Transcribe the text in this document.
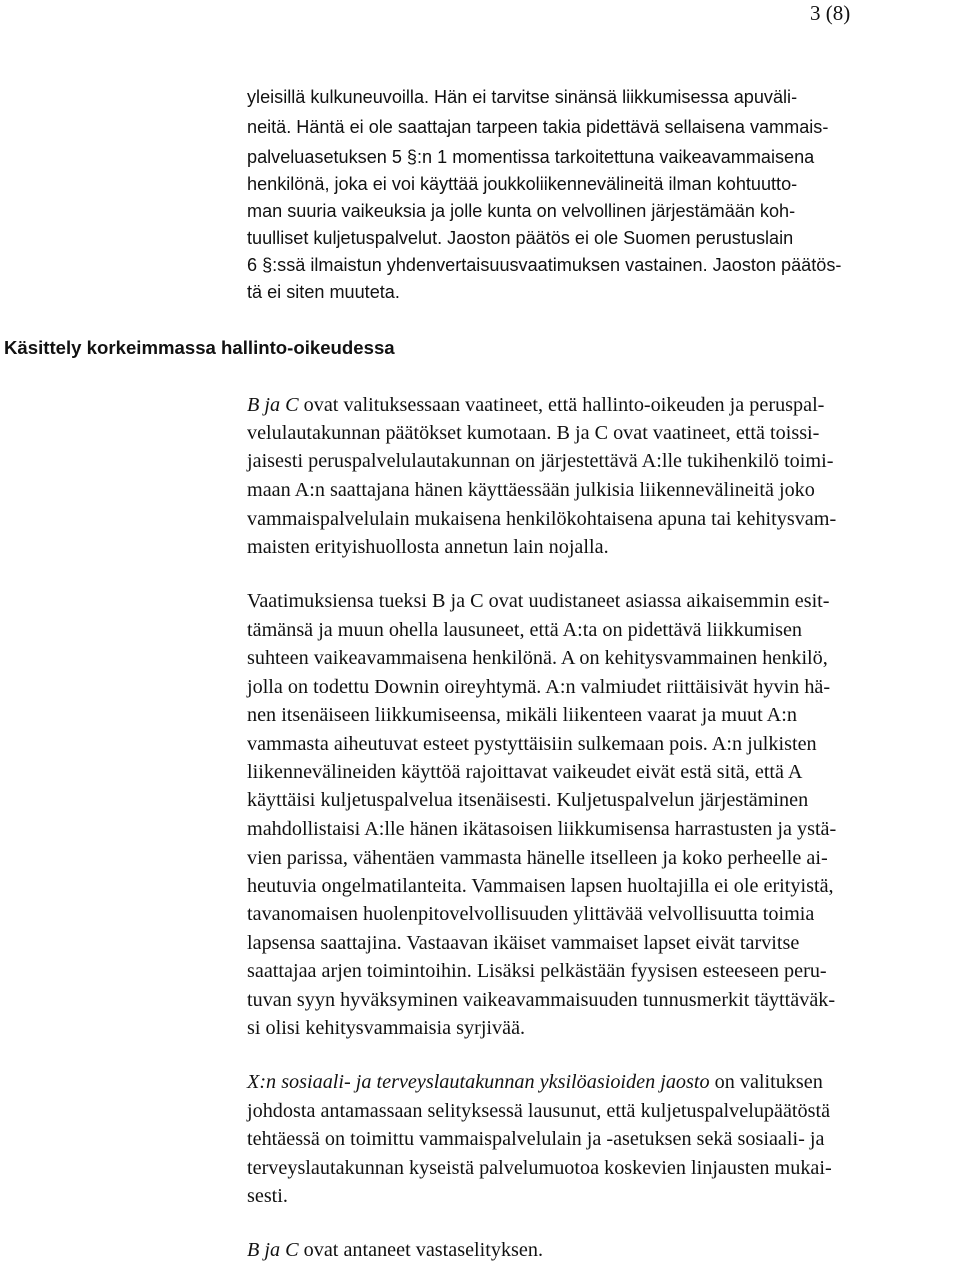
3 (8)
yleisillä kulkuneuvoilla. Hän ei tarvitse sinänsä liikkumisessa apuväli-
neitä. Häntä ei ole saattajan tarpeen takia pidettävä sellaisena vammais-
palveluasetuksen 5 §:n 1 momentissa tarkoitettuna vaikeavammaisena
henkilönä, joka ei voi käyttää joukkoliikennevälineitä ilman kohtuutto-
man suuria vaikeuksia ja jolle kunta on velvollinen järjestämään koh-
tuulliset kuljetuspalvelut. Jaoston päätös ei ole Suomen perustuslain
6 §:ssä ilmaistun yhdenvertaisuusvaatimuksen vastainen. Jaoston päätös-
tä ei siten muuteta.
Käsittely korkeimmassa hallinto-oikeudessa
B ja C ovat valituksessaan vaatineet, että hallinto-oikeuden ja peruspal-
velulautakunnan päätökset kumotaan. B ja C ovat vaatineet, että toissi-
jaisesti peruspalvelulautakunnan on järjestettävä A:lle tukihenkilö toimi-
maan A:n saattajana hänen käyttäessään julkisia liikennevälineitä joko
vammaispalvelulain mukaisena henkilökohtaisena apuna tai kehitysvam-
maisten erityishuollosta annetun lain nojalla.
Vaatimuksiensa tueksi B ja C ovat uudistaneet asiassa aikaisemmin esit-
tämänsä ja muun ohella lausuneet, että A:ta on pidettävä liikkumisen
suhteen vaikeavammaisena henkilönä. A on kehitysvammainen henkilö,
jolla on todettu Downin oireyhtymä. A:n valmiudet riittäisivät hyvin hä-
nen itsenäiseen liikkumiseensa, mikäli liikenteen vaarat ja muut A:n
vammasta aiheutuvat esteet pystyttäisiin sulkemaan pois. A:n julkisten
liikennevälineiden käyttöä rajoittavat vaikeudet eivät estä sitä, että A
käyttäisi kuljetuspalvelua itsenäisesti. Kuljetuspalvelun järjestäminen
mahdollistaisi A:lle hänen ikätasoisen liikkumisensa harrastusten ja ystä-
vien parissa, vähentäen vammasta hänelle itselleen ja koko perheelle ai-
heutuvia ongelmatilanteita. Vammaisen lapsen huoltajilla ei ole erityistä,
tavanomaisen huolenpitovelvollisuuden ylittävää velvollisuutta toimia
lapsensa saattajina. Vastaavan ikäiset vammaiset lapset eivät tarvitse
saattajaa arjen toimintoihin. Lisäksi pelkästään fyysisen esteeseen peru-
tuvan syyn hyväksyminen vaikeavammaisuuden tunnusmerkit täyttäväk-
si olisi kehitysvammaisia syrjivää.
X:n sosiaali- ja terveyslautakunnan yksilöasioiden jaosto on valituksen
johdosta antamassaan selityksessä lausunut, että kuljetuspalvelupäätöstä
tehtäessä on toimittu vammaispalvelulain ja -asetuksen sekä sosiaali- ja
terveyslautakunnan kyseistä palvelumuotoa koskevien linjausten mukai-
sesti.
B ja C ovat antaneet vastaselityksen.
